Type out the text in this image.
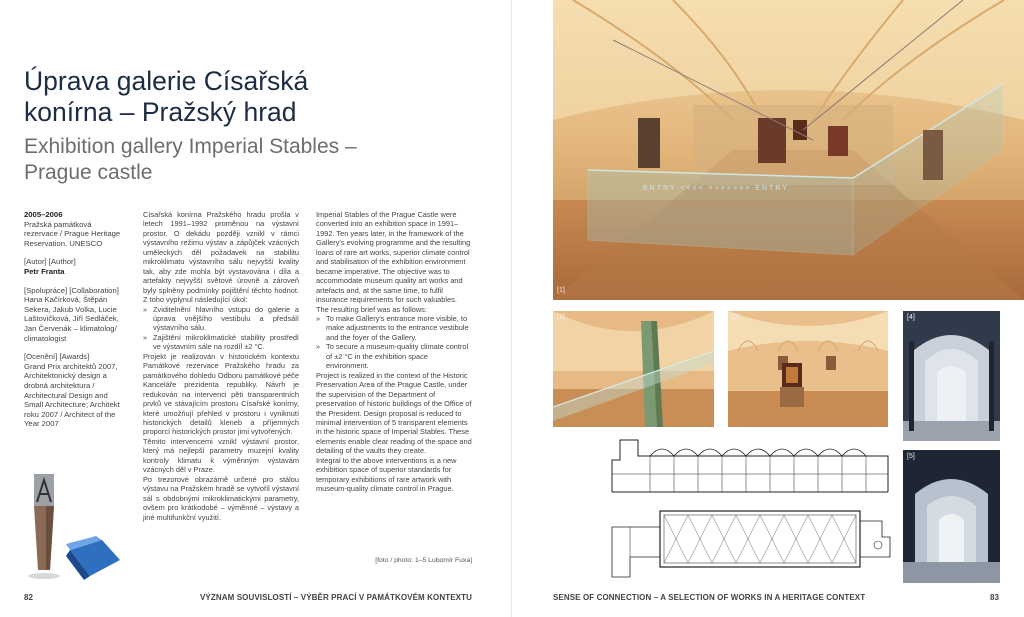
Úprava galerie Císařská konírna – Pražský hrad
Exhibition gallery Imperial Stables – Prague castle

2005–2006
Pražská památková rezervace / Prague Heritage Reservation, UNESCO

[Autor] [Author]
Petr Franta

[Spolupráce] [Collaboration]
Hana Kačírková, Štěpán Sekera, Jakub Volka, Lucie Laštovičková, Jiří Sedláček, Jan Červenák – klimatolog/ climatologist

[Ocenění] [Awards]
Grand Prix architektů 2007, Architektonický design a drobná architektura / Architectural Design and Small Architecture; Architekt roku 2007 / Architect of the Year 2007

Císařská konírna Pražského hradu prošla v letech 1991–1992 proměnou na výstavní prostor. O dekádu později vznikl v rámci výstavního režimu výstav a zápůjček vzácných uměleckých děl požadavek na stabilitu mikroklimatu výstavního sálu nejvyšší kvality tak, aby zde mohla být vystavována i díla a artefakty nejvyšší světové úrovně a zároveň byly splněny podmínky pojištění těchto hodnot. Z toho vyplynul následující úkol:

» Zviditelnění hlavního vstupu do galerie a úprava vnějšího vestibulu a předsálí výstavního sálu.
» Zajištění mikroklimatické stability prostředí ve výstavním sále na rozdíl ±2 °C.

Projekt je realizován v historickém kontextu Památkové rezervace Pražského hradu za památkového dohledu Odboru památkové péče Kanceláře prezidenta republiky. Návrh je redukován na intervenci pěti transparentních prvků ve stávajícím prostoru Císařské konírny, které umožňují přehled v prostoru i vyniknutí historických detailů kleneb a příjemných proporcí historických prostor jimi vytvořených.

Těmito intervencemi vznikl výstavní prostor, který má nejlepší parametry muzejní kvality kontroly klimatu k výměnným výstavám vzácných děl v Praze.

Po trezorové obrazárně určené pro stálou výstavu na Pražském hradě se vytvořil výstavní sál s obdobnými mikroklimatickými parametry, ovšem pro krátkodobé – výměnné – výstavy a jiné multifunkční využití.

Imperial Stables of the Prague Castle were converted into an exhibition space in 1991–1992. Ten years later, in the framework of the Gallery's evolving programme and the resulting loans of rare art works, superior climate control and stabilisation of the exhibition environment became imperative. The objective was to accommodate museum quality art works and artefacts and, at the same time, to fulfil insurance requirements for such valuables.

The resulting brief was as follows:

» To make Gallery's entrance more visible, to make adjustments to the entrance vestibule and the foyer of the Gallery.
» To secure a museum-quality climate control of ±2 °C in the exhibition space environment.

Project is realized in the context of the Historic Preservation Area of the Prague Castle, under the supervision of the Department of preservation of historic buildings of the Office of the President. Design proposal is reduced to minimal intervention of 5 transparent elements in the historic space of Imperial Stables. These elements enable clear reading of the space and detailing of the vaults they create.

Integral to the above interventions is a new exhibition space of superior standards for temporary exhibitions of rare artwork with museum-quality climate control in Prague.

[foto / photo: 1–5 Lubomír Fuxa]
82	VÝZNAM SOUVISLOSTÍ – VÝBĚR PRACÍ V PAMÁTKOVÉM KONTEXTU
ENTRY <<<< >>>>>>> ENTRY
[1]
[2]	[3]	[4]
[5]
SENSE OF CONNECTION – A SELECTION OF WORKS IN A HERITAGE CONTEXT	83
